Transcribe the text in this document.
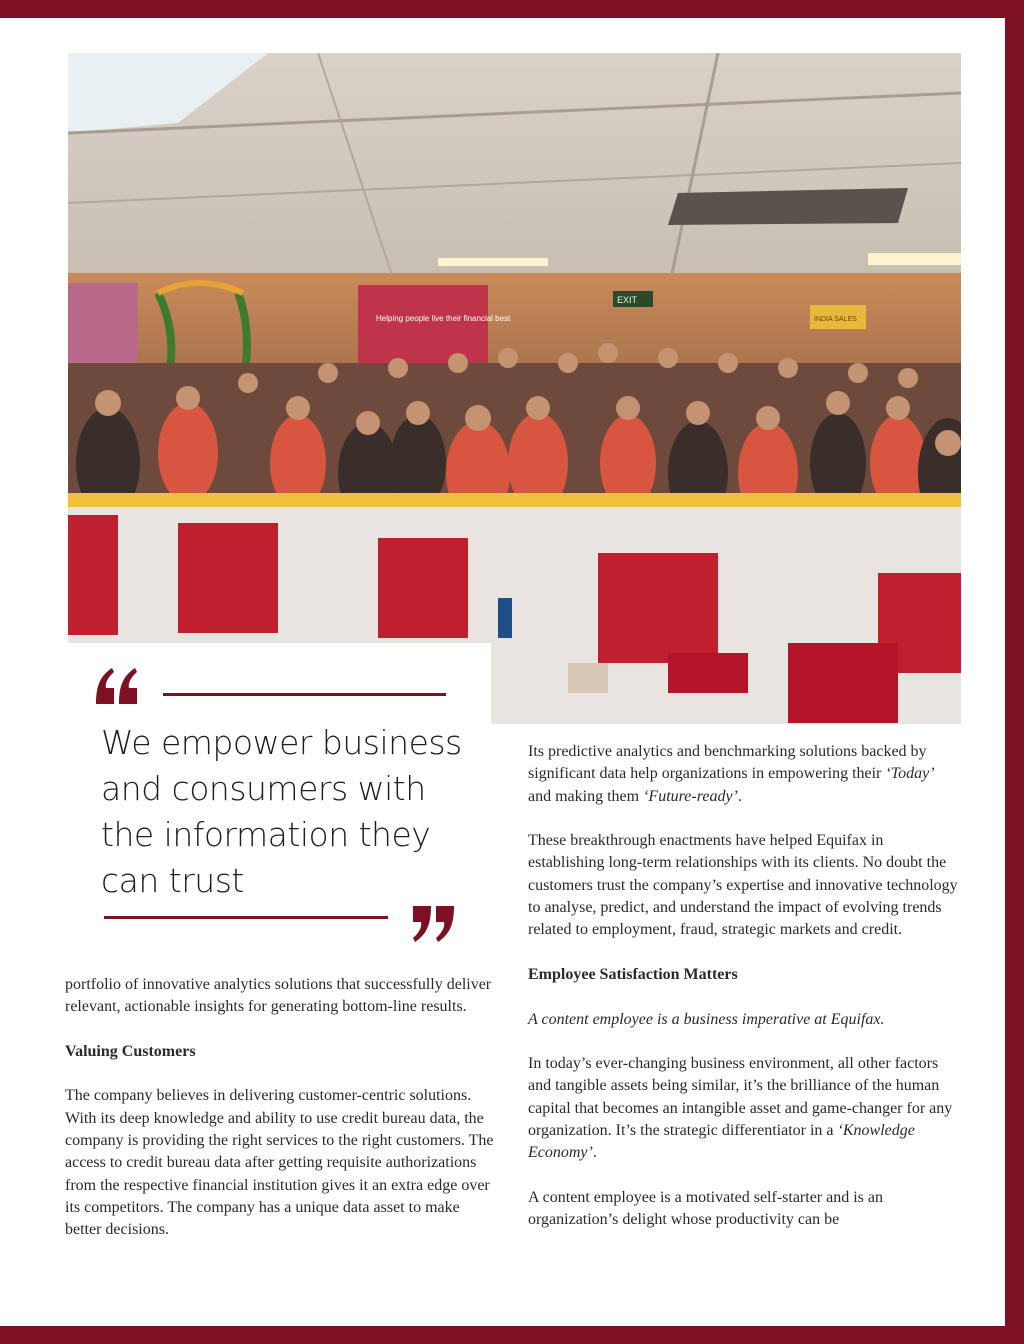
Helping people live their financial best
EXIT
INDIA SALES

We empower business and consumers with the information they can trust

portfolio of innovative analytics solutions that successfully deliver relevant, actionable insights for generating bottom-line results.

Valuing Customers

The company believes in delivering customer-centric solutions. With its deep knowledge and ability to use credit bureau data, the company is providing the right services to the right customers. The access to credit bureau data after getting requisite authorizations from the respective financial institution gives it an extra edge over its competitors. The company has a unique data asset to make better decisions.

Its predictive analytics and benchmarking solutions backed by significant data help organizations in empowering their ‘Today’ and making them ‘Future-ready’.

These breakthrough enactments have helped Equifax in establishing long-term relationships with its clients. No doubt the customers trust the company’s expertise and innovative technology to analyse, predict, and understand the impact of evolving trends related to employment, fraud, strategic markets and credit.

Employee Satisfaction Matters

A content employee is a business imperative at Equifax.

In today’s ever-changing business environment, all other factors and tangible assets being similar, it’s the brilliance of the human capital that becomes an intangible asset and game-changer for any organization. It’s the strategic differentiator in a ‘Knowledge Economy’.

A content employee is a motivated self-starter and is an organization’s delight whose productivity can be
